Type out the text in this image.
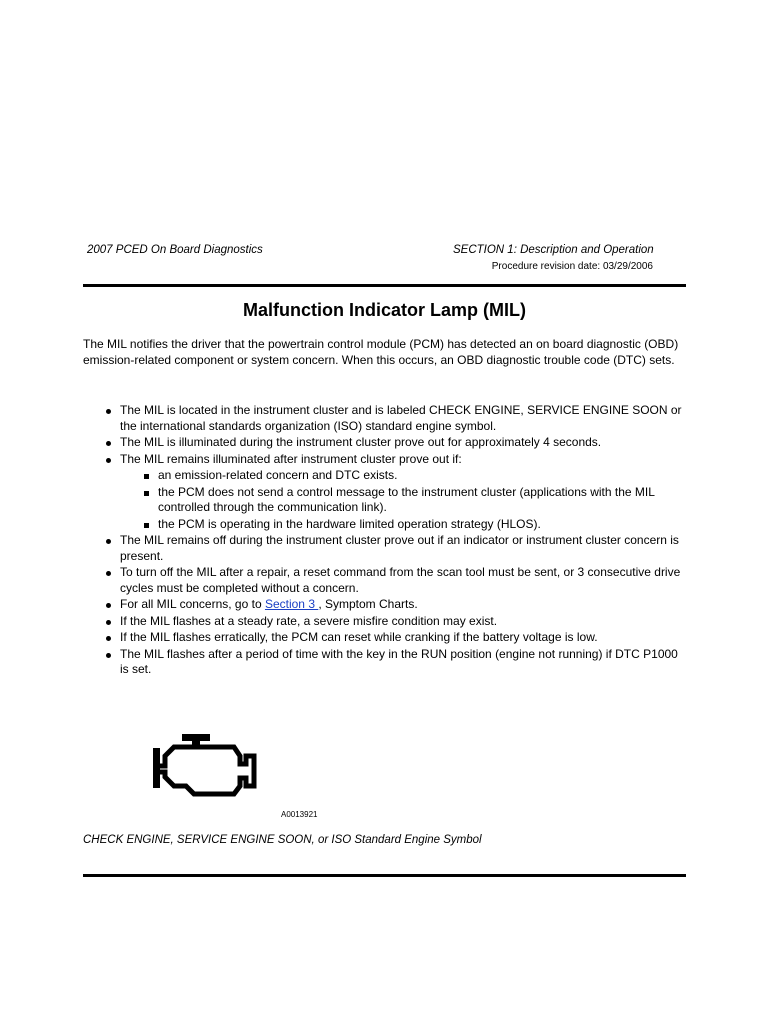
2007 PCED On Board Diagnostics	SECTION 1: Description and Operation
Procedure revision date: 03/29/2006
Malfunction Indicator Lamp (MIL)
The MIL notifies the driver that the powertrain control module (PCM) has detected an on board diagnostic (OBD) emission-related component or system concern. When this occurs, an OBD diagnostic trouble code (DTC) sets.
The MIL is located in the instrument cluster and is labeled CHECK ENGINE, SERVICE ENGINE SOON or the international standards organization (ISO) standard engine symbol.
The MIL is illuminated during the instrument cluster prove out for approximately 4 seconds.
The MIL remains illuminated after instrument cluster prove out if:
an emission-related concern and DTC exists.
the PCM does not send a control message to the instrument cluster (applications with the MIL controlled through the communication link).
the PCM is operating in the hardware limited operation strategy (HLOS).
The MIL remains off during the instrument cluster prove out if an indicator or instrument cluster concern is present.
To turn off the MIL after a repair, a reset command from the scan tool must be sent, or 3 consecutive drive cycles must be completed without a concern.
For all MIL concerns, go to Section 3 , Symptom Charts.
If the MIL flashes at a steady rate, a severe misfire condition may exist.
If the MIL flashes erratically, the PCM can reset while cranking if the battery voltage is low.
The MIL flashes after a period of time with the key in the RUN position (engine not running) if DTC P1000 is set.
A0013921
CHECK ENGINE, SERVICE ENGINE SOON, or ISO Standard Engine Symbol
